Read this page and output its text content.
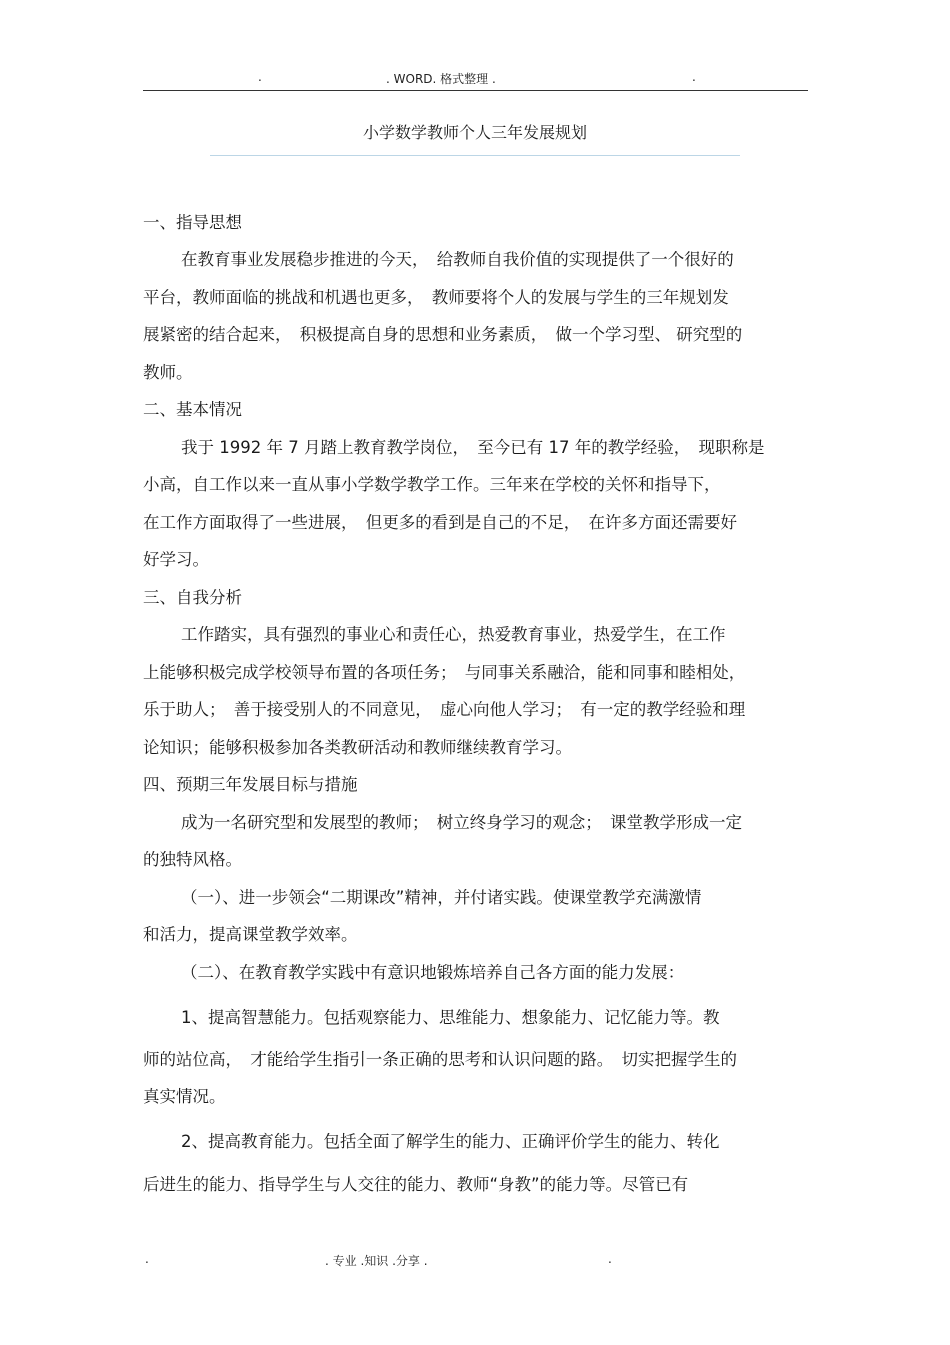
.	. WORD. 格式整理 .	.
小学数学教师个人三年发展规划
一、指导思想
在教育事业发展稳步推进的今天，　给教师自我价值的实现提供了一个很好的
平台，教师面临的挑战和机遇也更多，　教师要将个人的发展与学生的三年规划发
展紧密的结合起来，　积极提高自身的思想和业务素质，　做一个学习型、 研究型的
教师。
二、基本情况
我于 1992 年 7 月踏上教育教学岗位，　至今已有 17 年的教学经验，　现职称是
小高，自工作以来一直从事小学数学教学工作。三年来在学校的关怀和指导下，
在工作方面取得了一些进展，　但更多的看到是自己的不足，　在许多方面还需要好
好学习。
三、自我分析
工作踏实，具有强烈的事业心和责任心，热爱教育事业，热爱学生，在工作
上能够积极完成学校领导布置的各项任务；　与同事关系融洽，能和同事和睦相处，
乐于助人；　善于接受别人的不同意见，　虚心向他人学习；　有一定的教学经验和理
论知识；能够积极参加各类教研活动和教师继续教育学习。
四、预期三年发展目标与措施
成为一名研究型和发展型的教师；　树立终身学习的观念；　课堂教学形成一定
的独特风格。
（一）、进一步领会“二期课改”精神，并付诸实践。使课堂教学充满激情
和活力，提高课堂教学效率。
（二）、在教育教学实践中有意识地锻炼培养自己各方面的能力发展：
1、提高智慧能力。包括观察能力、思维能力、想象能力、记忆能力等。教
师的站位高，　才能给学生指引一条正确的思考和认识问题的路。　切实把握学生的
真实情况。
2、提高教育能力。包括全面了解学生的能力、正确评价学生的能力、转化
后进生的能力、指导学生与人交往的能力、教师“身教”的能力等。尽管已有
.	. 专业 .知识 .分享 .	.
